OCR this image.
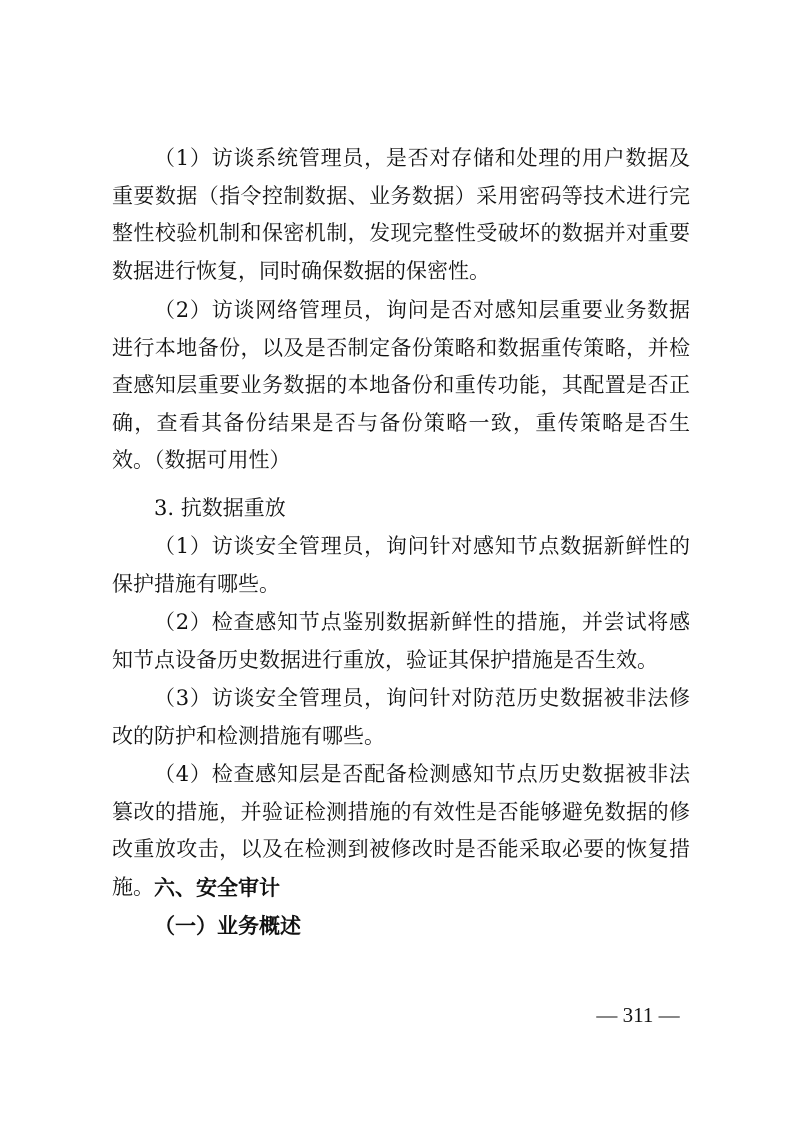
（1）访谈系统管理员，是否对存储和处理的用户数据及重要数据（指令控制数据、业务数据）采用密码等技术进行完整性校验机制和保密机制，发现完整性受破坏的数据并对重要数据进行恢复，同时确保数据的保密性。

（2）访谈网络管理员，询问是否对感知层重要业务数据进行本地备份，以及是否制定备份策略和数据重传策略，并检查感知层重要业务数据的本地备份和重传功能，其配置是否正确，查看其备份结果是否与备份策略一致，重传策略是否生效。（数据可用性）

3. 抗数据重放

（1）访谈安全管理员，询问针对感知节点数据新鲜性的保护措施有哪些。

（2）检查感知节点鉴别数据新鲜性的措施，并尝试将感知节点设备历史数据进行重放，验证其保护措施是否生效。

（3）访谈安全管理员，询问针对防范历史数据被非法修改的防护和检测措施有哪些。

（4）检查感知层是否配备检测感知节点历史数据被非法篡改的措施，并验证检测措施的有效性是否能够避免数据的修改重放攻击，以及在检测到被修改时是否能采取必要的恢复措施。 六、安全审计

（一）业务概述

— 311 —
